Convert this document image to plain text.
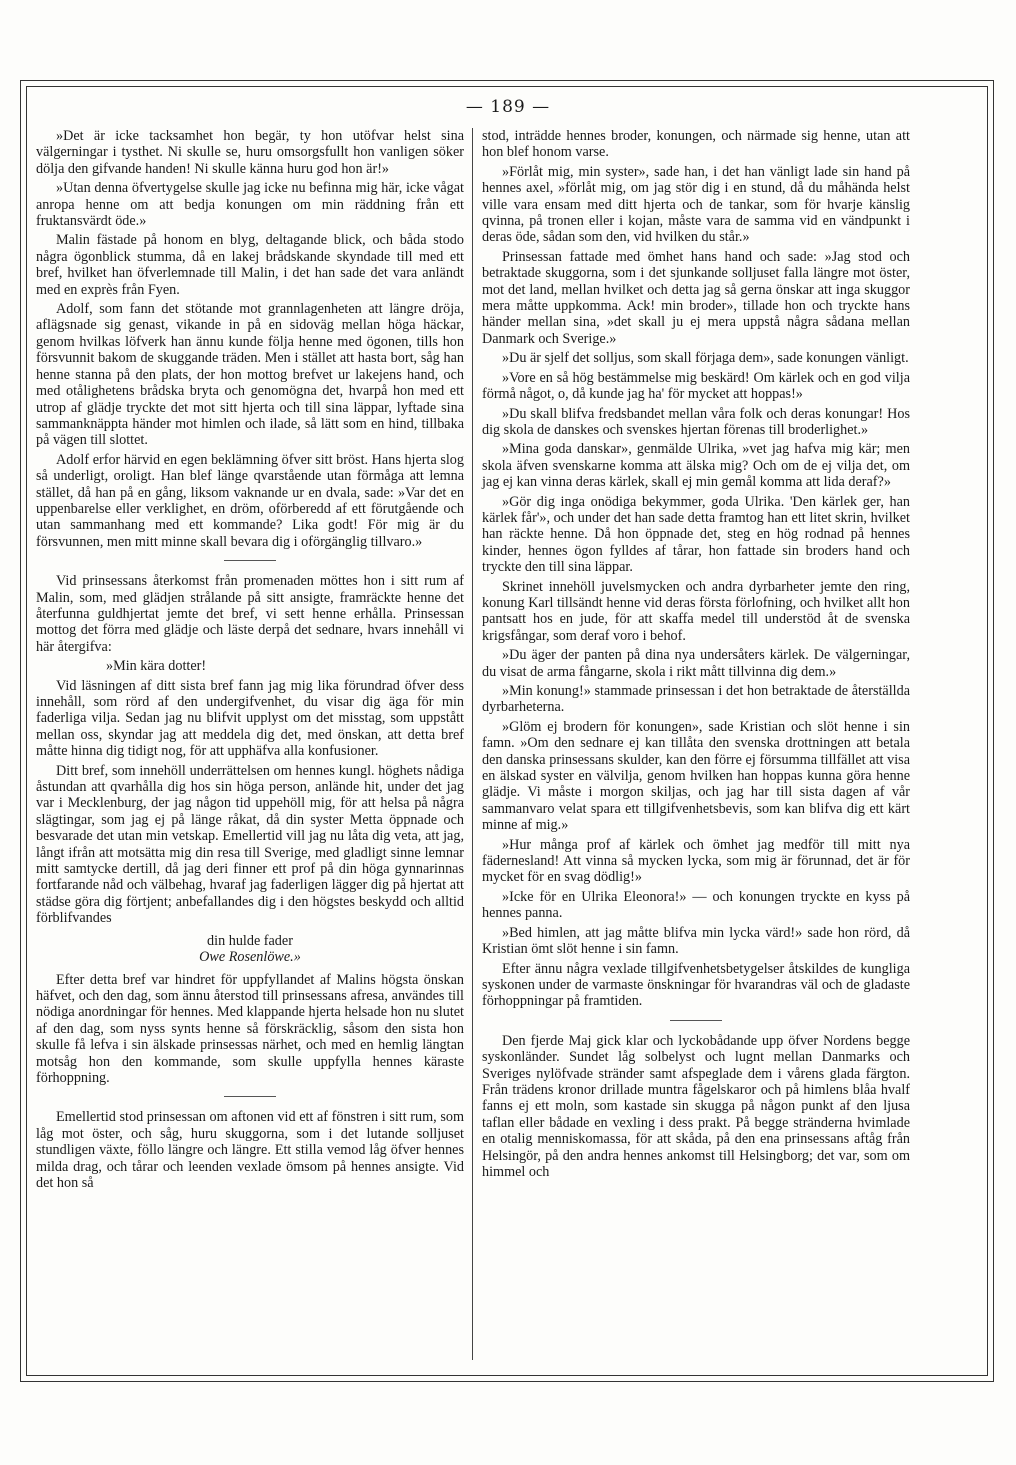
— 189 —

»Det är icke tacksamhet hon begär, ty hon utöfvar helst sina välgerningar i tysthet. Ni skulle se, huru omsorgsfullt hon vanligen söker dölja den gifvande handen! Ni skulle känna huru god hon är!»

»Utan denna öfvertygelse skulle jag icke nu befinna mig här, icke vågat anropa henne om att bedja konungen om min räddning från ett fruktansvärdt öde.»

Malin fästade på honom en blyg, deltagande blick, och båda stodo några ögonblick stumma, då en lakej brådskande skyndade till med ett bref, hvilket han öfverlemnade till Malin, i det han sade det vara anländt med en exprès från Fyen.

Adolf, som fann det stötande mot grannlagenheten att längre dröja, aflägsnade sig genast, vikande in på en sidoväg mellan höga häckar, genom hvilkas löfverk han ännu kunde följa henne med ögonen, tills hon försvunnit bakom de skuggande träden. Men i stället att hasta bort, såg han henne stanna på den plats, der hon mottog brefvet ur lakejens hand, och med otålighetens brådska bryta och genomögna det, hvarpå hon med ett utrop af glädje tryckte det mot sitt hjerta och till sina läppar, lyftade sina sammanknäppta händer mot himlen och ilade, så lätt som en hind, tillbaka på vägen till slottet.

Adolf erfor härvid en egen beklämning öfver sitt bröst. Hans hjerta slog så underligt, oroligt. Han blef länge qvarstående utan förmåga att lemna stället, då han på en gång, liksom vaknande ur en dvala, sade: »Var det en uppenbarelse eller verklighet, en dröm, oförberedd af ett förutgående och utan sammanhang med ett kommande? Lika godt! För mig är du försvunnen, men mitt minne skall bevara dig i oförgänglig tillvaro.»

Vid prinsessans återkomst från promenaden möttes hon i sitt rum af Malin, som, med glädjen strålande på sitt ansigte, framräckte henne det återfunna guldhjertat jemte det bref, vi sett henne erhålla. Prinsessan mottog det förra med glädje och läste derpå det sednare, hvars innehåll vi här återgifva:

»Min kära dotter!

Vid läsningen af ditt sista bref fann jag mig lika förundrad öfver dess innehåll, som rörd af den undergifvenhet, du visar dig äga för min faderliga vilja. Sedan jag nu blifvit upplyst om det misstag, som uppstått mellan oss, skyndar jag att meddela dig det, med önskan, att detta bref måtte hinna dig tidigt nog, för att upphäfva alla konfusioner.

Ditt bref, som innehöll underrättelsen om hennes kungl. höghets nådiga åstundan att qvarhålla dig hos sin höga person, anlände hit, under det jag var i Mecklenburg, der jag någon tid uppehöll mig, för att helsa på några slägtingar, som jag ej på länge råkat, då din syster Metta öppnade och besvarade det utan min vetskap. Emellertid vill jag nu låta dig veta, att jag, långt ifrån att motsätta mig din resa till Sverige, med gladligt sinne lemnar mitt samtycke dertill, då jag deri finner ett prof på din höga gynnarinnas fortfarande nåd och välbehag, hvaraf jag faderligen lägger dig på hjertat att städse göra dig förtjent; anbefallandes dig i den högstes beskydd och alltid förblifvandes

din hulde fader

Owe Rosenlöwe.»

Efter detta bref var hindret för uppfyllandet af Malins högsta önskan häfvet, och den dag, som ännu återstod till prinsessans afresa, användes till nödiga anordningar för hennes. Med klappande hjerta helsade hon nu slutet af den dag, som nyss synts henne så förskräcklig, såsom den sista hon skulle få lefva i sin älskade prinsessas närhet, och med en hemlig längtan motsåg hon den kommande, som skulle uppfylla hennes käraste förhoppning.

Emellertid stod prinsessan om aftonen vid ett af fönstren i sitt rum, som låg mot öster, och såg, huru skuggorna, som i det lutande solljuset stundligen växte, föllo längre och längre. Ett stilla vemod låg öfver hennes milda drag, och tårar och leenden vexlade ömsom på hennes ansigte. Vid det hon så

stod, inträdde hennes broder, konungen, och närmade sig henne, utan att hon blef honom varse.

»Förlåt mig, min syster», sade han, i det han vänligt lade sin hand på hennes axel, »förlåt mig, om jag stör dig i en stund, då du måhända helst ville vara ensam med ditt hjerta och de tankar, som för hvarje känslig qvinna, på tronen eller i kojan, måste vara de samma vid en vändpunkt i deras öde, sådan som den, vid hvilken du står.»

Prinsessan fattade med ömhet hans hand och sade: »Jag stod och betraktade skuggorna, som i det sjunkande solljuset falla längre mot öster, mot det land, mellan hvilket och detta jag så gerna önskar att inga skuggor mera måtte uppkomma. Ack! min broder», tillade hon och tryckte hans händer mellan sina, »det skall ju ej mera uppstå några sådana mellan Danmark och Sverige.»

»Du är sjelf det solljus, som skall förjaga dem», sade konungen vänligt.

»Vore en så hög bestämmelse mig beskärd! Om kärlek och en god vilja förmå något, o, då kunde jag ha' för mycket att hoppas!»

»Du skall blifva fredsbandet mellan våra folk och deras konungar! Hos dig skola de danskes och svenskes hjertan förenas till broderlighet.»

»Mina goda danskar», genmälde Ulrika, »vet jag hafva mig kär; men skola äfven svenskarne komma att älska mig? Och om de ej vilja det, om jag ej kan vinna deras kärlek, skall ej min gemål komma att lida deraf?»

»Gör dig inga onödiga bekymmer, goda Ulrika. 'Den kärlek ger, han kärlek får'», och under det han sade detta framtog han ett litet skrin, hvilket han räckte henne. Då hon öppnade det, steg en hög rodnad på hennes kinder, hennes ögon fylldes af tårar, hon fattade sin broders hand och tryckte den till sina läppar.

Skrinet innehöll juvelsmycken och andra dyrbarheter jemte den ring, konung Karl tillsändt henne vid deras första förlofning, och hvilket allt hon pantsatt hos en jude, för att skaffa medel till understöd åt de svenska krigsfångar, som deraf voro i behof.

»Du äger der panten på dina nya undersåters kärlek. De välgerningar, du visat de arma fångarne, skola i rikt mått tillvinna dig dem.»

»Min konung!» stammade prinsessan i det hon betraktade de återställda dyrbarheterna.

»Glöm ej brodern för konungen», sade Kristian och slöt henne i sin famn. »Om den sednare ej kan tillåta den svenska drottningen att betala den danska prinsessans skulder, kan den förre ej försumma tillfället att visa en älskad syster en välvilja, genom hvilken han hoppas kunna göra henne glädje. Vi måste i morgon skiljas, och jag har till sista dagen af vår sammanvaro velat spara ett tillgifvenhetsbevis, som kan blifva dig ett kärt minne af mig.»

»Hur många prof af kärlek och ömhet jag medför till mitt nya fädernesland! Att vinna så mycken lycka, som mig är förunnad, det är för mycket för en svag dödlig!»

»Icke för en Ulrika Eleonora!» — och konungen tryckte en kyss på hennes panna.

»Bed himlen, att jag måtte blifva min lycka värd!» sade hon rörd, då Kristian ömt slöt henne i sin famn.

Efter ännu några vexlade tillgifvenhetsbetygelser åtskildes de kungliga syskonen under de varmaste önskningar för hvarandras väl och de gladaste förhoppningar på framtiden.

Den fjerde Maj gick klar och lyckobådande upp öfver Nordens begge syskonländer. Sundet låg solbelyst och lugnt mellan Danmarks och Sveriges nylöfvade stränder samt afspeglade dem i vårens glada färgton. Från trädens kronor drillade muntra fågelskaror och på himlens blåa hvalf fanns ej ett moln, som kastade sin skugga på någon punkt af den ljusa taflan eller bådade en vexling i dess prakt. På begge stränderna hvimlade en otalig menniskomassa, för att skåda, på den ena prinsessans aftåg från Helsingör, på den andra hennes ankomst till Helsingborg; det var, som om himmel och
